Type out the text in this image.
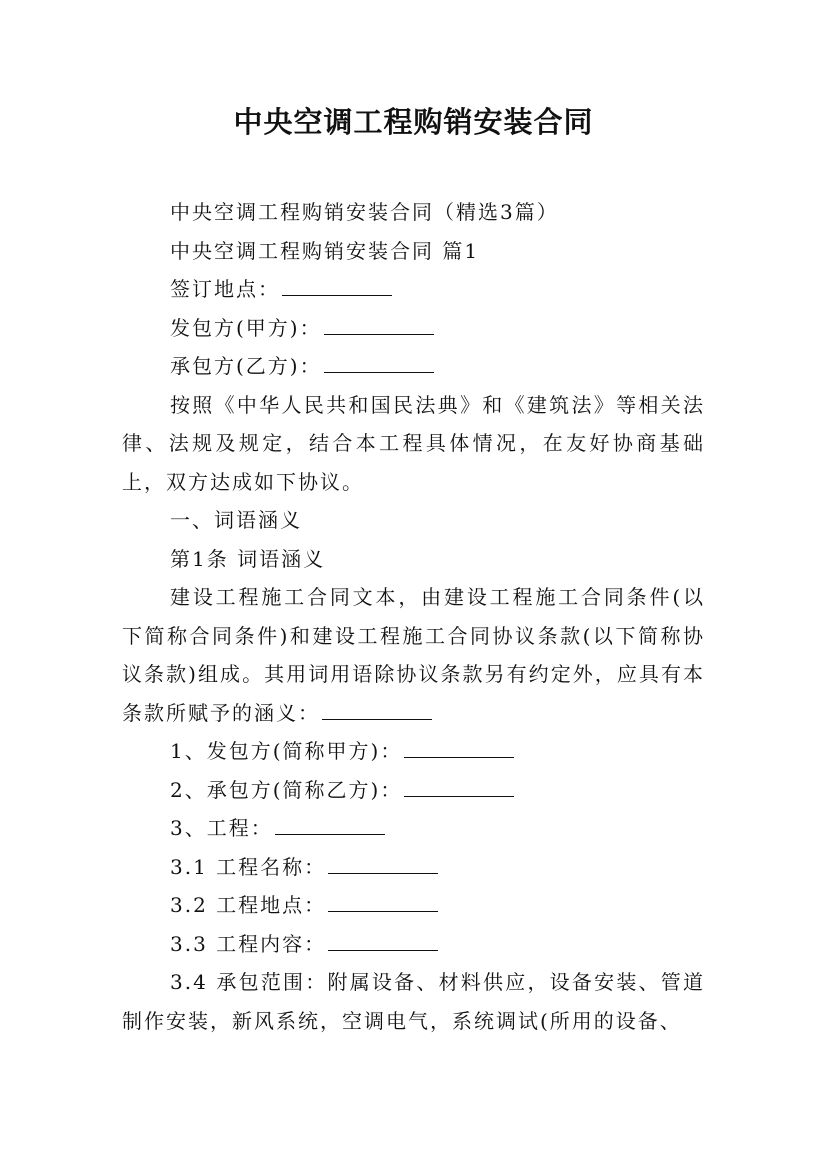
中央空调工程购销安装合同

中央空调工程购销安装合同（精选3篇）

中央空调工程购销安装合同 篇1

签订地点：

发包方(甲方)：

承包方(乙方)：

按照《中华人民共和国民法典》和《建筑法》等相关法律、法规及规定，结合本工程具体情况，在友好协商基础上，双方达成如下协议。

一、词语涵义

第1条 词语涵义

建设工程施工合同文本，由建设工程施工合同条件(以下简称合同条件)和建设工程施工合同协议条款(以下简称协议条款)组成。其用词用语除协议条款另有约定外，应具有本条款所赋予的涵义：

1、发包方(简称甲方)：

2、承包方(简称乙方)：

3、工程：

3.1 工程名称：

3.2 工程地点：

3.3 工程内容：

3.4 承包范围：附属设备、材料供应，设备安装、管道制作安装，新风系统，空调电气，系统调试(所用的设备、
